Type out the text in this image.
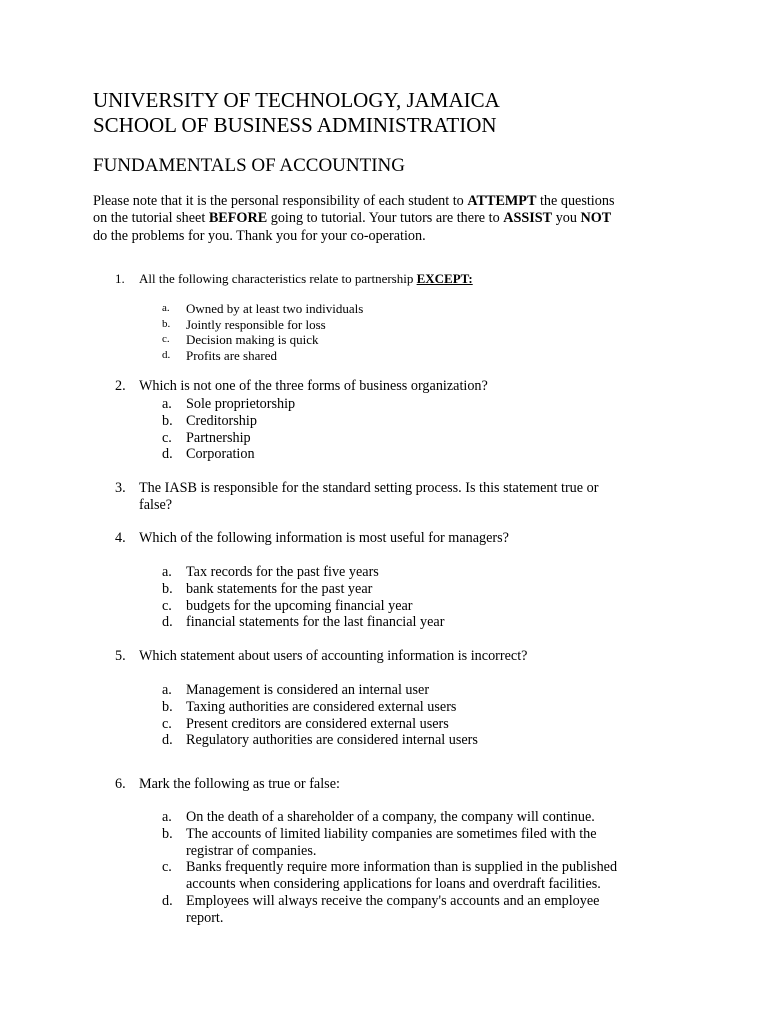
UNIVERSITY OF TECHNOLOGY, JAMAICA
SCHOOL OF BUSINESS ADMINISTRATION
FUNDAMENTALS OF ACCOUNTING
Please note that it is the personal responsibility of each student to ATTEMPT the questions
on the tutorial sheet BEFORE going to tutorial. Your tutors are there to ASSIST you NOT
do the problems for you. Thank you for your co-operation.
1. All the following characteristics relate to partnership EXCEPT:
a. Owned by at least two individuals
b. Jointly responsible for loss
c. Decision making is quick
d. Profits are shared
2. Which is not one of the three forms of business organization?
a. Sole proprietorship
b. Creditorship
c. Partnership
d. Corporation
3. The IASB is responsible for the standard setting process. Is this statement true or
false?
4. Which of the following information is most useful for managers?
a. Tax records for the past five years
b. bank statements for the past year
c. budgets for the upcoming financial year
d. financial statements for the last financial year
5. Which statement about users of accounting information is incorrect?
a. Management is considered an internal user
b. Taxing authorities are considered external users
c. Present creditors are considered external users
d. Regulatory authorities are considered internal users
6. Mark the following as true or false:
a. On the death of a shareholder of a company, the company will continue.
b. The accounts of limited liability companies are sometimes filed with the
registrar of companies.
c. Banks frequently require more information than is supplied in the published
accounts when considering applications for loans and overdraft facilities.
d. Employees will always receive the company's accounts and an employee
report.
